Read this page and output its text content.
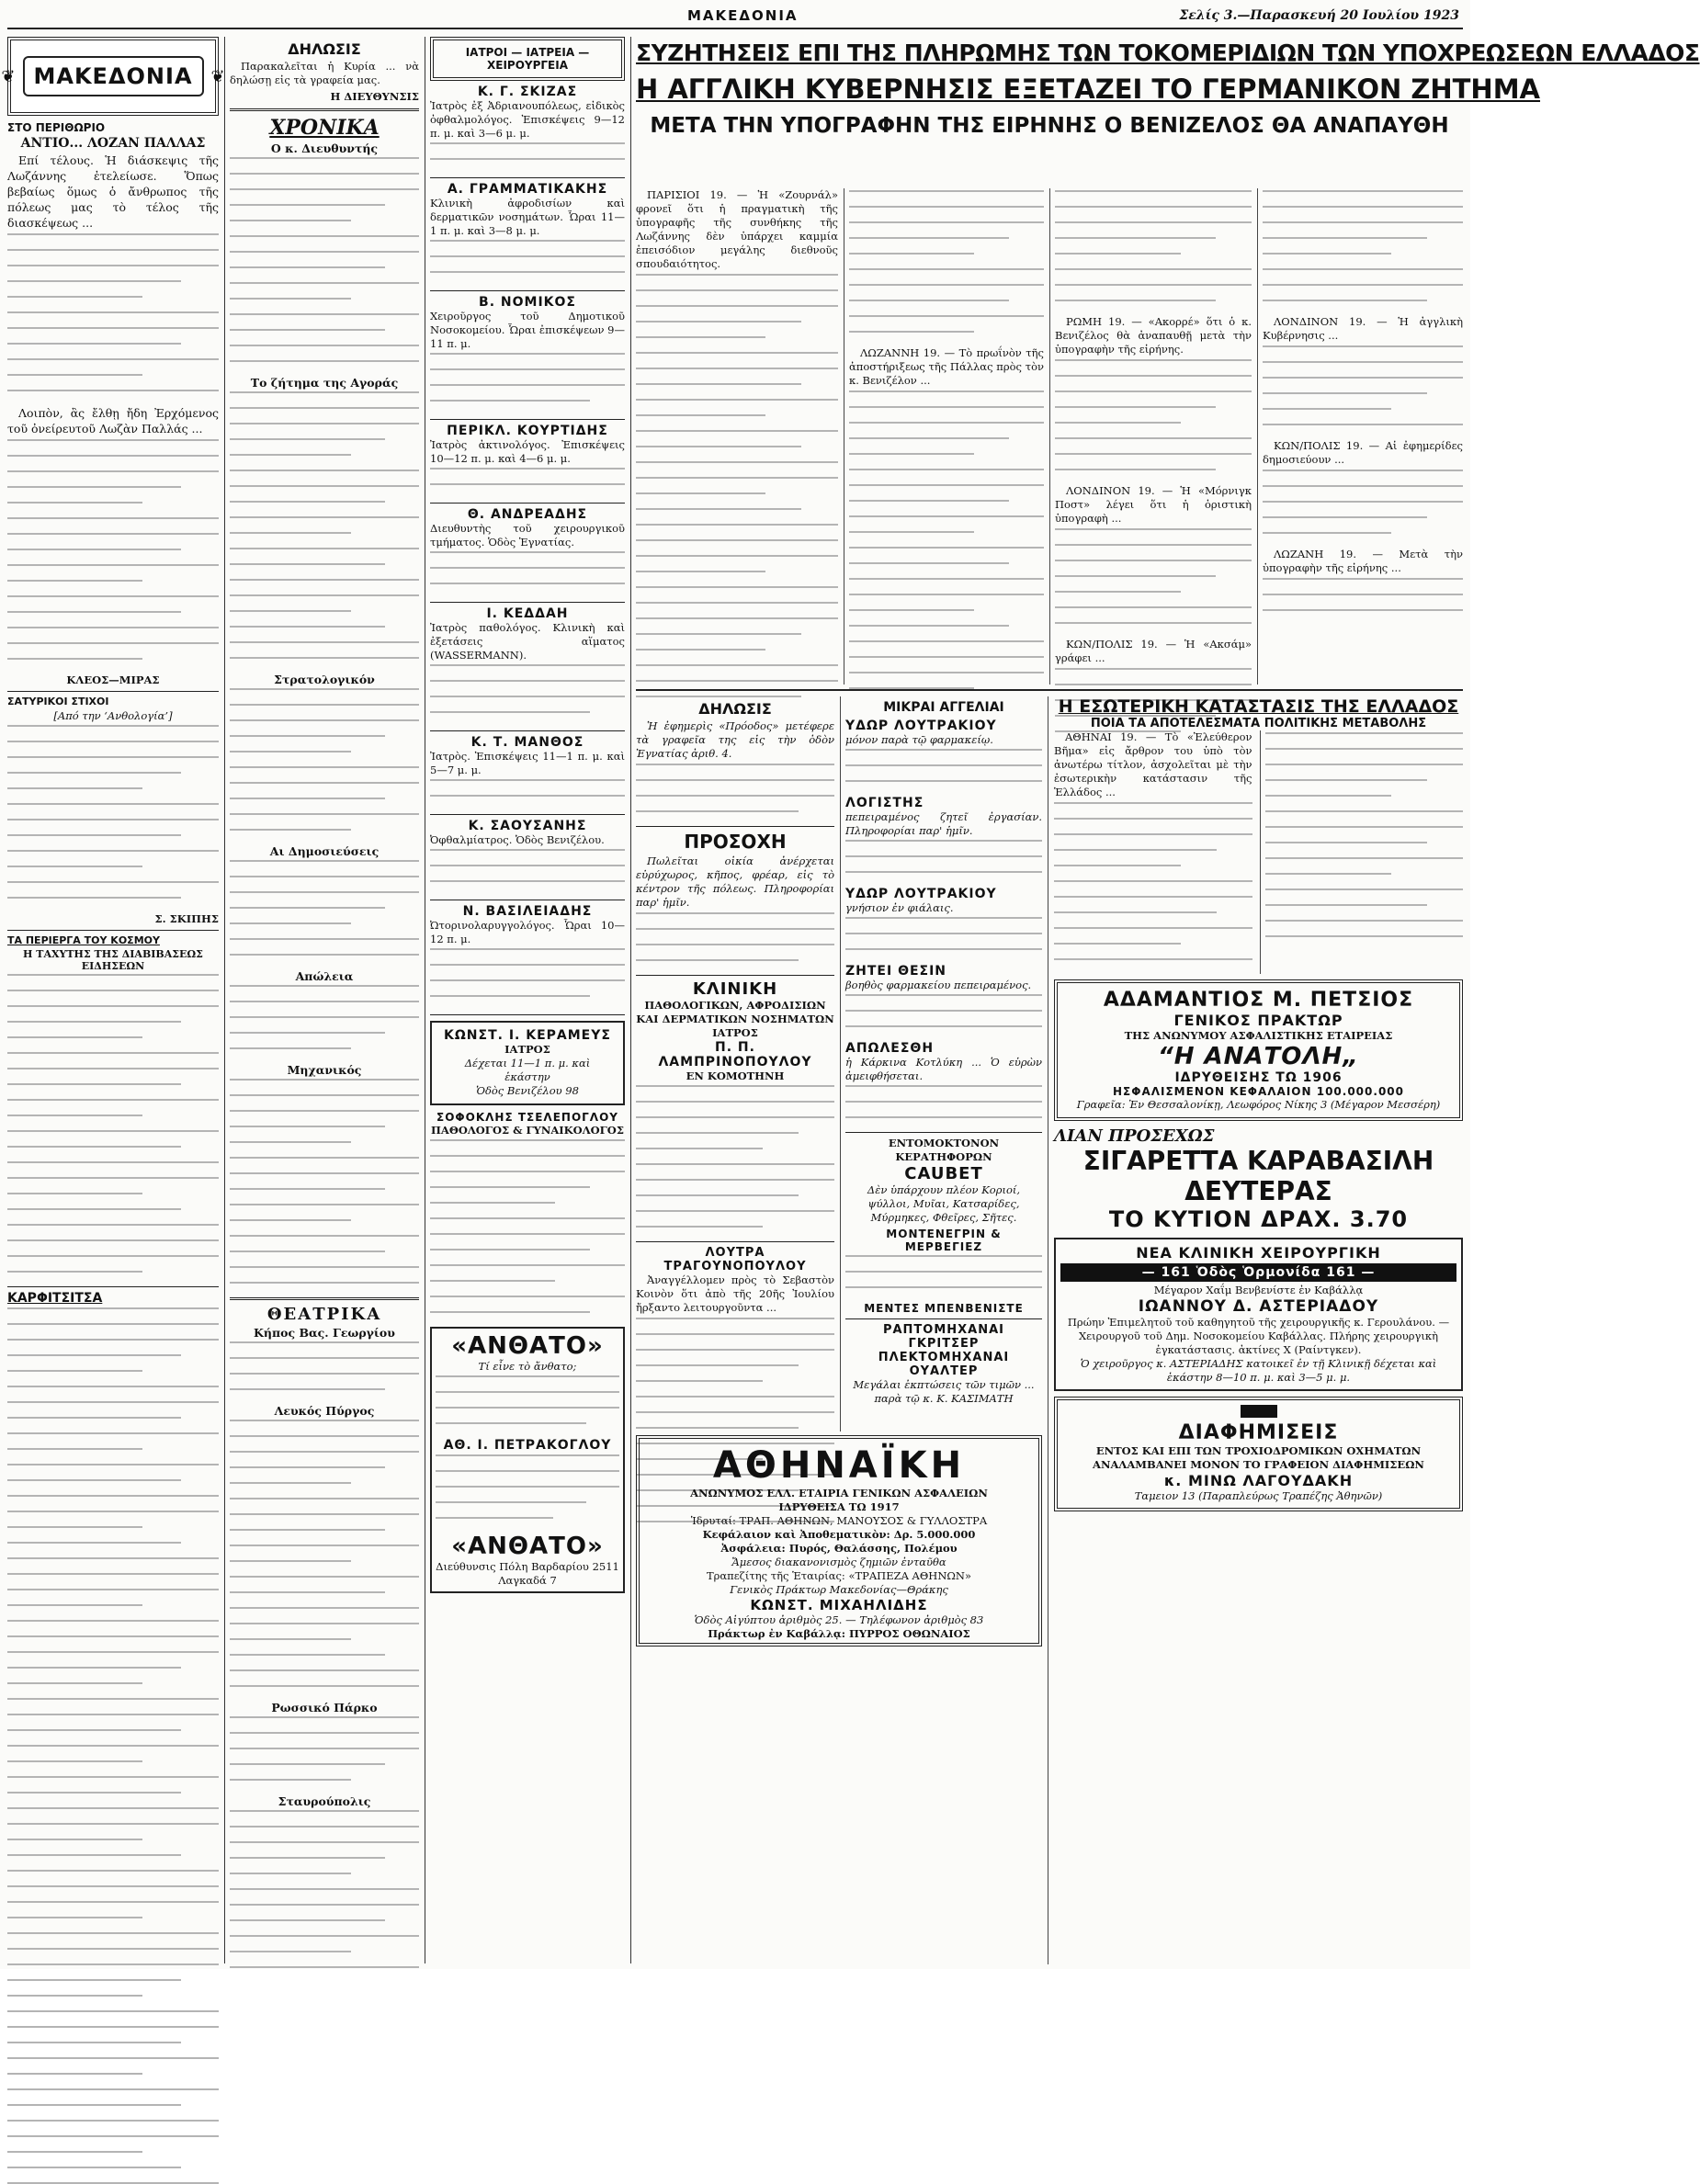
ΜΑΚΕΔΟΝΙΑ	Σελίς 3.—Παρασκευή 20 Ιουλίου 1923
❦ ΜΑΚΕΔΟΝΙΑ	❦
ΣΤΟ ΠΕΡΙΘΩΡΙΟ
ΑΝΤΙΟ... ΛΟΖΑΝ ΠΑΛΛΑΣ

Επί τέλους. Ἡ διάσκεψις τῆς Λωζάννης ἐτελείωσε. Ὅπως βεβαίως ὅμως ὁ ἄνθρωπος τῆς πόλεως μας τὸ τέλος τῆς διασκέψεως ...

Λοιπὸν, ἂς ἔλθῃ ἤδη Ἐρχόμενος τοῦ ὀνείρευτοῦ Λωζὰν Παλλάς ...

ΚΛΕΟΣ—ΜΙΡΑΣ
ΣΑΤΥΡΙΚΟΙ ΣΤΙΧΟΙ
[Από την ‘Ανθολογία’]
Σ. ΣΚΙΠΗΣ
ΤΑ ΠΕΡΙΕΡΓΑ ΤΟΥ ΚΟΣΜΟΥ
Η ΤΑΧΥΤΗΣ ΤΗΣ ΔΙΑΒΙΒΑΣΕΩΣ ΕΙΔΗΣΕΩΝ
ΚΑΡΦΙΤΣΙΤΣΑ
ΔΗΛΩΣΙΣ

Παρακαλεῖται ἡ Κυρία ... νὰ δηλώσῃ εἰς τὰ γραφεία μας.

Η ΔΙΕΥΘΥΝΣΙΣ
ΧΡΟΝΙΚΑ
Ο κ. Διευθυντής
Το ζήτημα της Αγοράς
Στρατολογικόν
Αι Δημοσιεύσεις
Απώλεια
Μηχανικός
ΘΕΑΤΡΙΚΑ
Κήπος Βας. Γεωργίου
Λευκός Πύργος
Ρωσσικό Πάρκο
Σταυρούπολις
ΙΑΤΡΟΙ — ΙΑΤΡΕΙΑ — ΧΕΙΡΟΥΡΓΕΙΑ
Κ. Γ. ΣΚΙΖΑΣ
Ἰατρὸς ἐξ Ἀδριανουπόλεως, εἰδικὸς ὀφθαλμολόγος. Ἐπισκέψεις 9—12 π. μ. καὶ 3—6 μ. μ.
Α. ΓΡΑΜΜΑΤΙΚΑΚΗΣ
Κλινικὴ ἀφροδισίων καὶ δερματικῶν νοσημάτων. Ὧραι 11—1 π. μ. καὶ 3—8 μ. μ.
Β. ΝΟΜΙΚΟΣ
Χειροῦργος τοῦ Δημοτικοῦ Νοσοκομείου. Ὧραι ἐπισκέψεων 9—11 π. μ.
ΠΕΡΙΚΛ. ΚΟΥΡΤΙΔΗΣ
Ἰατρὸς ἀκτινολόγος. Ἐπισκέψεις 10—12 π. μ. καὶ 4—6 μ. μ.
Θ. ΑΝΔΡΕΑΔΗΣ
Διευθυντὴς τοῦ χειρουργικοῦ τμήματος. Ὁδὸς Ἐγνατίας.
Ι. ΚΕΔΔΑΗ
Ἰατρὸς παθολόγος. Κλινικὴ καὶ ἐξετάσεις αἵματος (WASSERMANN).
Κ. Τ. ΜΑΝΘΟΣ
Ἰατρὸς. Ἐπισκέψεις 11—1 π. μ. καὶ 5—7 μ. μ.
Κ. ΣΑΟΥΣΑΝΗΣ
Ὀφθαλμίατρος. Ὁδὸς Βενιζέλου.
Ν. ΒΑΣΙΛΕΙΑΔΗΣ
Ὠτορινολαρυγγολόγος. Ὧραι 10—12 π. μ.
ΚΩΝΣΤ. Ι. ΚΕΡΑΜΕΥΣ
ΙΑΤΡΟΣ
Δέχεται 11—1 π. μ. καὶ
ἑκάστην
Ὁδὸς Βενιζέλου 98
ΣΟΦΟΚΛΗΣ ΤΣΕΛΕΠΟΓΛΟΥ
ΠΑΘΟΛΟΓΟΣ & ΓΥΝΑΙΚΟΛΟΓΟΣ
«ΑΝΘΑΤΟ»
Τί εἶνε τὸ ἄνθατο;
ΑΘ. Ι. ΠΕΤΡΑΚΟΓΛΟΥ
«ΑΝΘΑΤΟ»
Διεύθυνσις Πόλη Βαρδαρίου 2511 Λαγκαδά 7
ΣΥΖΗΤΗΣΕΙΣ ΕΠΙ ΤΗΣ ΠΛΗΡΩΜΗΣ ΤΩΝ ΤΟΚΟΜΕΡΙΔΙΩΝ ΤΩΝ ΥΠΟΧΡΕΩΣΕΩΝ ΕΛΛΑΔΟΣ
Η ΑΓΓΛΙΚΗ ΚΥΒΕΡΝΗΣΙΣ ΕΞΕΤΑΖΕΙ ΤΟ ΓΕΡΜΑΝΙΚΟΝ ΖΗΤΗΜΑ
ΜΕΤΑ ΤΗΝ ΥΠΟΓΡΑΦΗΝ ΤΗΣ ΕΙΡΗΝΗΣ Ο ΒΕΝΙΖΕΛΟΣ ΘΑ ΑΝΑΠΑΥΘΗ

ΠΑΡΙΣΙΟΙ 19. — Ἡ «Ζουρνάλ» φρονεῖ ὅτι ἡ πραγματικὴ τῆς ὑπογραφῆς τῆς συνθήκης τῆς Λωζάννης δὲν ὑπάρχει καμμία ἐπεισόδιον μεγάλης διεθνοῦς σπουδαιότητος.

ΛΩΖΑΝΝΗ 19. — Τὸ πρωΐνὸν τῆς ἀποστήριξεως τῆς Πάλλας πρὸς τὸν κ. Βενιζέλον ...

ΡΩΜΗ 19. — «Ακορρέ» ὅτι ὁ κ. Βενιζέλος θὰ ἀναπαυθῇ μετὰ τὴν ὑπογραφὴν τῆς εἰρήνης.

ΛΟΝΔΙΝΟΝ 19. — Ἡ «Μόρνιγκ Ποστ» λέγει ὅτι ἡ ὁριστικὴ ὑπογραφὴ ...

ΚΩΝ/ΠΟΛΙΣ 19. — Ἡ «Ακσάμ» γράφει ...

ΛΟΝΔΙΝΟΝ 19. — Ἡ ἀγγλικὴ Κυβέρνησις ...

ΚΩΝ/ΠΟΛΙΣ 19. — Αἱ ἐφημερίδες δημοσιεύουν ...

ΛΩΖΑΝΗ 19. — Μετὰ τὴν ὑπογραφὴν τῆς εἰρήνης ...

ΔΗΛΩΣΙΣ

Ἡ ἐφημερὶς «Πρόοδος» μετέφερε τὰ γραφεῖα της εἰς τὴν ὁδὸν Ἐγνατίας ἀριθ. 4.

ΠΡΟΣΟΧΗ

Πωλεῖται οἰκία ἀνέρχεται εὐρύχωρος, κῆπος, φρέαρ, εἰς τὸ κέντρον τῆς πόλεως. Πληροφορίαι παρ' ἡμῖν.

ΚΛΙΝΙΚΗ
ΠΑΘΟΛΟΓΙΚΩΝ, ΑΦΡΟΔΙΣΙΩΝ ΚΑΙ ΔΕΡΜΑΤΙΚΩΝ ΝΟΣΗΜΑΤΩΝ
ΙΑΤΡΟΣ
Π. Π. ΛΑΜΠΡΙΝΟΠΟΥΛΟΥ
ΕΝ ΚΟΜΟΤΗΝΗ
ΛΟΥΤΡΑ ΤΡΑΓΟΥΝΟΠΟΥΛΟΥ

Ἀναγγέλλομεν πρὸς τὸ Σεβαστὸν Κοινὸν ὅτι ἀπὸ τῆς 20ῆς Ἰουλίου ἤρξαντο λειτουργοῦντα ...

ΜΙΚΡΑΙ ΑΓΓΕΛΙΑΙ
ΥΔΩΡ ΛΟΥΤΡΑΚΙΟΥ
μόνον παρὰ τῷ φαρμακείῳ.
ΛΟΓΙΣΤΗΣ
πεπειραμένος ζητεῖ ἐργασίαν. Πληροφορίαι παρ' ἡμῖν.
ΥΔΩΡ ΛΟΥΤΡΑΚΙΟΥ
γνήσιον ἐν φιάλαις.
ΖΗΤΕΙ ΘΕΣΙΝ
βοηθὸς φαρμακείου πεπειραμένος.
ΑΠΩΛΕΣΘΗ
ἡ Κάρκινα Κοτλύκη ... Ὁ εὑρὼν ἀμειφθήσεται.
ΕΝΤΟΜΟΚΤΟΝΟΝ ΚΕΡΑΤΗΦΟΡΩΝ
CAUBET
Δὲν ὑπάρχουν πλέον Κοριοί, ψύλλοι, Μυῖαι, Κατσαρίδες, Μύρμηκες, Φθεῖρες, Σῆτες.
ΜΟΝΤΕΝΕΓΡΙΝ & ΜΕΡΒΕΓΙΕΖ
ΜΕΝΤΕΣ ΜΠΕΝΒΕΝΙΣΤΕ
ΡΑΠΤΟΜΗΧΑΝΑΙ ΓΚΡΙΤΣΕΡ
ΠΛΕΚΤΟΜΗΧΑΝΑΙ ΟΥΑΛΤΕΡ
Μεγάλαι ἐκπτώσεις τῶν τιμῶν ... παρὰ τῷ κ. Κ. ΚΑΣΙΜΑΤΗ
ΑΘΗΝΑΪΚΗ
ΑΝΩΝΥΜΟΣ ΕΛΛ. ΕΤΑΙΡΙΑ ΓΕΝΙΚΩΝ ΑΣΦΑΛΕΙΩΝ
ΙΔΡΥΘΕΙΣΑ ΤΩ 1917
Ἱδρυταί: ΤΡΑΠ. ΑΘΗΝΩΝ, ΜΑΝΟΥΣΟΣ & ΓΥΛΛΟΣΤΡΑ
Κεφάλαιον καὶ Ἀποθεματικὸν: Δρ. 5.000.000
Ἀσφάλεια: Πυρός, Θαλάσσης, Πολέμου
Ἄμεσος διακανονισμὸς ζημιῶν ἐνταῦθα
Τραπεζίτης τῆς Ἑταιρίας: «ΤΡΑΠΕΖΑ ΑΘΗΝΩΝ»
Γενικὸς Πράκτωρ Μακεδονίας—Θράκης
ΚΩΝΣΤ. ΜΙΧΑΗΛΙΔΗΣ
Ὁδὸς Αἰγύπτου ἀριθμὸς 25. — Τηλέφωνον ἀριθμὸς 83
Πράκτωρ ἐν Καβάλλᾳ: ΠΥΡΡΟΣ ΟΘΩΝΑΙΟΣ
Η ΕΣΩΤΕΡΙΚΗ ΚΑΤΑΣΤΑΣΙΣ ΤΗΣ ΕΛΛΑΔΟΣ
ΠΟΙΑ ΤΑ ΑΠΟΤΕΛΕΣΜΑΤΑ ΠΟΛΙΤΙΚΗΣ ΜΕΤΑΒΟΛΗΣ

ΑΘΗΝΑΙ 19. — Τὸ «Ἐλεύθερον Βῆμα» εἰς ἄρθρον του ὑπὸ τὸν ἀνωτέρω τίτλον, ἀσχολεῖται μὲ τὴν ἐσωτερικὴν κατάστασιν τῆς Ἑλλάδος ...

ΑΔΑΜΑΝΤΙΟΣ Μ. ΠΕΤΣΙΟΣ
ΓΕΝΙΚΟΣ ΠΡΑΚΤΩΡ
ΤΗΣ ΑΝΩΝΥΜΟΥ ΑΣΦΑΛΙΣΤΙΚΗΣ ΕΤΑΙΡΕΙΑΣ
“Η ΑΝΑΤΟΛΗ„
ΙΔΡΥΘΕΙΣΗΣ ΤΩ 1906
ΗΣΦΑΛΙΣΜΕΝΟΝ ΚΕΦΑΛΑΙΟΝ 100.000.000
Γραφεῖα: Ἐν Θεσσαλονίκῃ, Λεωφόρος Νίκης 3 (Μέγαρον Μεσσέρη)
ΛΙΑΝ ΠΡΟΣΕΧΩΣ
ΣΙΓΑΡΕΤΤΑ ΚΑΡΑΒΑΣΙΛΗ ΔΕΥΤΕΡΑΣ
ΤΟ ΚΥΤΙΟΝ ΔΡΑΧ. 3.70
ΝΕΑ ΚΛΙΝΙΚΗ ΧΕΙΡΟΥΡΓΙΚΗ
— 161 Ὁδὸς Ὁρμονίδα 161 —
Μέγαρον Χαΐμ Βενβενίστε ἐν Καβάλλᾳ
ΙΩΑΝΝΟΥ Δ. ΑΣΤΕΡΙΑΔΟΥ
Πρώην Ἐπιμελητοῦ τοῦ καθηγητοῦ τῆς χειρουργικῆς κ. Γερουλάνου. — Χειρουργοῦ τοῦ Δημ. Νοσοκομείου Καβάλλας. Πλήρης χειρουργικὴ ἐγκατάστασις. ἀκτίνες Χ (Ραίντγκεν).
Ὁ χειροῦργος κ. ΑΣΤΕΡΙΑΔΗΣ κατοικεῖ ἐν τῇ Κλινικῇ δέχεται καὶ ἑκάστην 8—10 π. μ. καὶ 3—5 μ. μ.
ΔΙΑΦΗΜΙΣΕΙΣ
ΕΝΤΟΣ ΚΑΙ ΕΠΙ ΤΩΝ ΤΡΟΧΙΟΔΡΟΜΙΚΩΝ ΟΧΗΜΑΤΩΝ
ΑΝΑΛΑΜΒΑΝΕΙ ΜΟΝΟΝ ΤΟ ΓΡΑΦΕΙΟΝ ΔΙΑΦΗΜΙΣΕΩΝ
κ. ΜΙΝΩ ΛΑΓΟΥΔΑΚΗ
Ταμειον 13 (Παραπλεύρως Τραπέζης Ἀθηνῶν)
